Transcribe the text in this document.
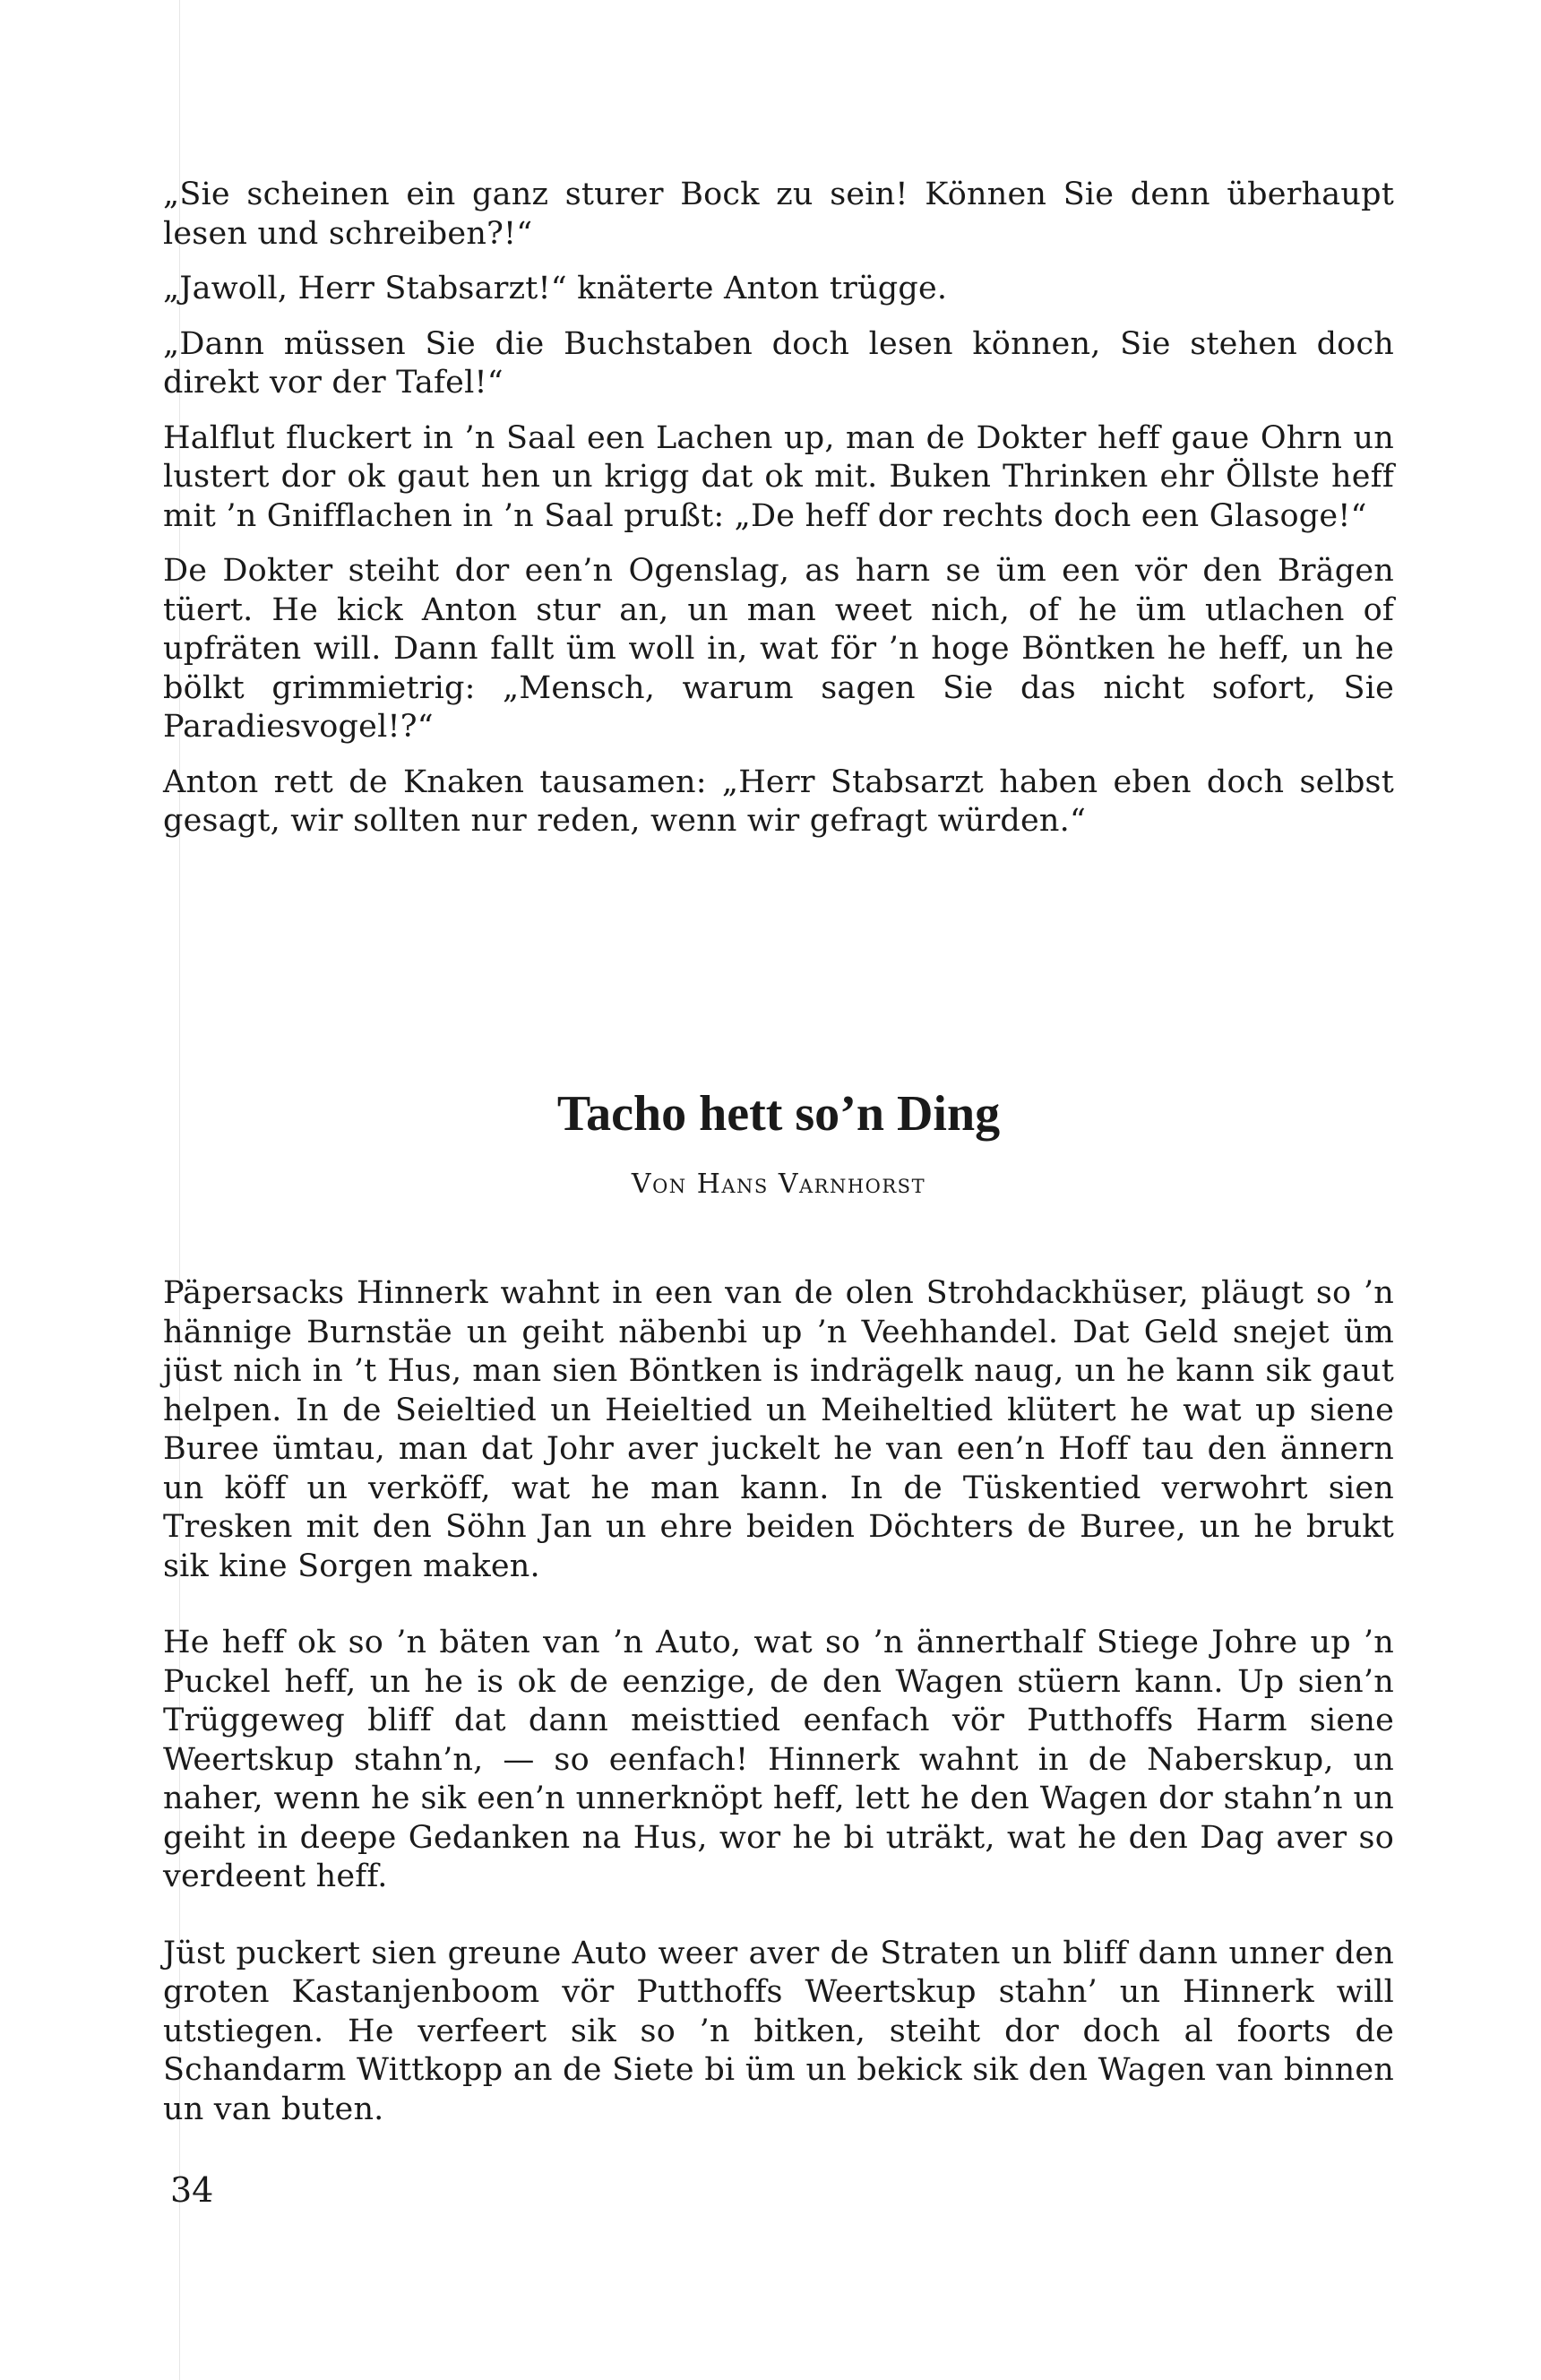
„Sie scheinen ein ganz sturer Bock zu sein! Können Sie denn überhaupt lesen und schreiben?!“

„Jawoll, Herr Stabsarzt!“ knäterte Anton trügge.

„Dann müssen Sie die Buchstaben doch lesen können, Sie stehen doch direkt vor der Tafel!“

Halflut fluckert in ’n Saal een Lachen up, man de Dokter heff gaue Ohrn un lustert dor ok gaut hen un krigg dat ok mit. Buken Thrinken ehr Öllste heff mit ’n Gnifflachen in ’n Saal prußt: „De heff dor rechts doch een Glasoge!“

De Dokter steiht dor een’n Ogenslag, as harn se üm een vör den Brägen tüert. He kick Anton stur an, un man weet nich, of he üm utlachen of upfräten will. Dann fallt üm woll in, wat för ’n hoge Böntken he heff, un he bölkt grimmietrig: „Mensch, warum sagen Sie das nicht sofort, Sie Paradiesvogel!?“

Anton rett de Knaken tausamen: „Herr Stabsarzt haben eben doch selbst gesagt, wir sollten nur reden, wenn wir gefragt würden.“

Tacho hett so’n Ding
Von Hans Varnhorst

Päpersacks Hinnerk wahnt in een van de olen Strohdackhüser, pläugt so ’n hännige Burnstäe un geiht näbenbi up ’n Veehhandel. Dat Geld snejet üm jüst nich in ’t Hus, man sien Böntken is indrägelk naug, un he kann sik gaut helpen. In de Seieltied un Heieltied un Meiheltied klütert he wat up siene Buree ümtau, man dat Johr aver juckelt he van een’n Hoff tau den ännern un köff un verköff, wat he man kann. In de Tüskentied verwohrt sien Tresken mit den Söhn Jan un ehre beiden Döchters de Buree, un he brukt sik kine Sorgen maken.

He heff ok so ’n bäten van ’n Auto, wat so ’n ännerthalf Stiege Johre up ’n Puckel heff, un he is ok de eenzige, de den Wagen stüern kann. Up sien’n Trüggeweg bliff dat dann meisttied eenfach vör Putthoffs Harm siene Weertskup stahn’n, — so eenfach! Hinnerk wahnt in de Naberskup, un naher, wenn he sik een’n unnerknöpt heff, lett he den Wagen dor stahn’n un geiht in deepe Gedanken na Hus, wor he bi uträkt, wat he den Dag aver so verdeent heff.

Jüst puckert sien greune Auto weer aver de Straten un bliff dann unner den groten Kastanjenboom vör Putthoffs Weertskup stahn’ un Hinnerk will utstiegen. He verfeert sik so ’n bitken, steiht dor doch al foorts de Schandarm Wittkopp an de Siete bi üm un bekick sik den Wagen van binnen un van buten.

34
